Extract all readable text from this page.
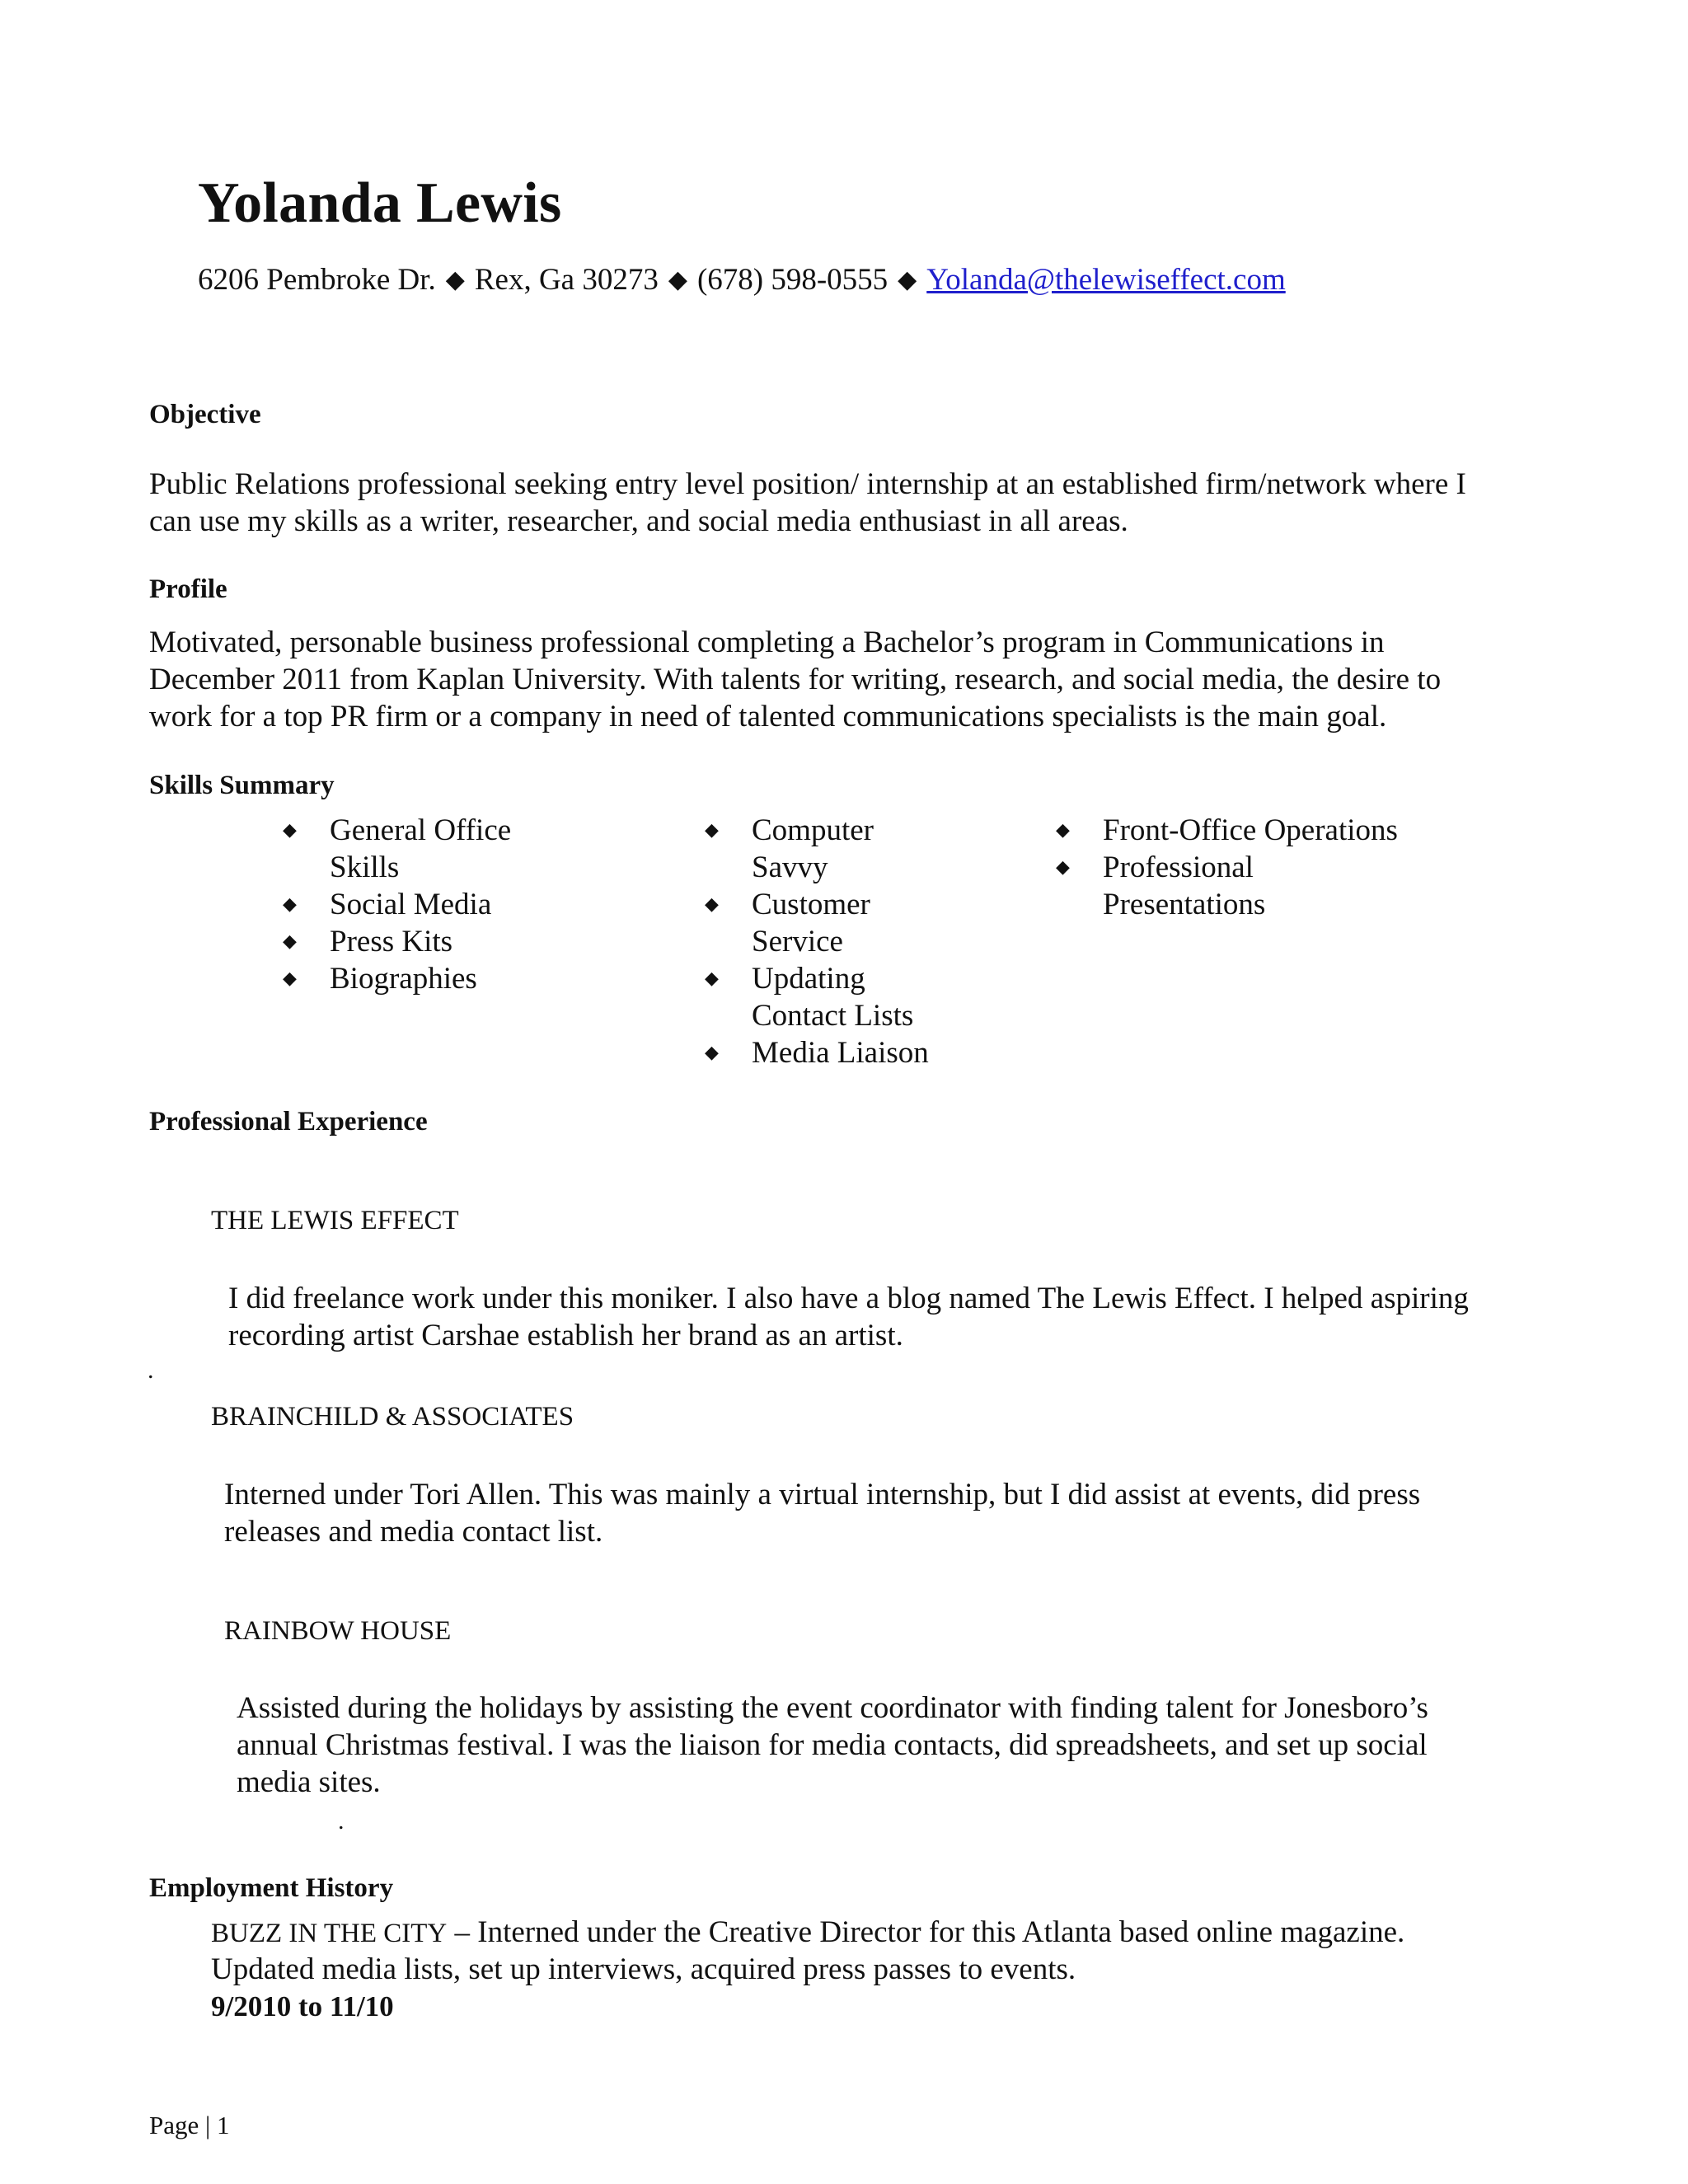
Yolanda Lewis
6206 Pembroke Dr. ◆ Rex, Ga 30273 ◆ (678) 598-0555 ◆ Yolanda@thelewiseffect.com
Objective
Public Relations professional seeking entry level position/ internship at an established firm/network where I
can use my skills as a writer, researcher, and social media enthusiast in all areas.
Profile
Motivated, personable business professional completing a Bachelor’s program in Communications in
December 2011 from Kaplan University. With talents for writing, research, and social media, the desire to
work for a top PR firm or a company in need of talented communications specialists is the main goal.
Skills Summary
◆ General Office
Skills
◆ Social Media
◆ Press Kits
◆ Biographies
◆ Computer
Savvy
◆ Customer
Service
◆ Updating
Contact Lists
◆ Media Liaison
◆ Front-Office Operations
◆ Professional
Presentations
Professional Experience
THE LEWIS EFFECT
I did freelance work under this moniker. I also have a blog named The Lewis Effect. I helped aspiring
recording artist Carshae establish her brand as an artist.
.
BRAINCHILD & ASSOCIATES
Interned under Tori Allen. This was mainly a virtual internship, but I did assist at events, did press
releases and media contact list.
RAINBOW HOUSE
Assisted during the holidays by assisting the event coordinator with finding talent for Jonesboro’s
annual Christmas festival. I was the liaison for media contacts, did spreadsheets, and set up social
media sites.
.
Employment History
BUZZ IN THE CITY – Interned under the Creative Director for this Atlanta based online magazine.
Updated media lists, set up interviews, acquired press passes to events.
9/2010 to 11/10
Page | 1
